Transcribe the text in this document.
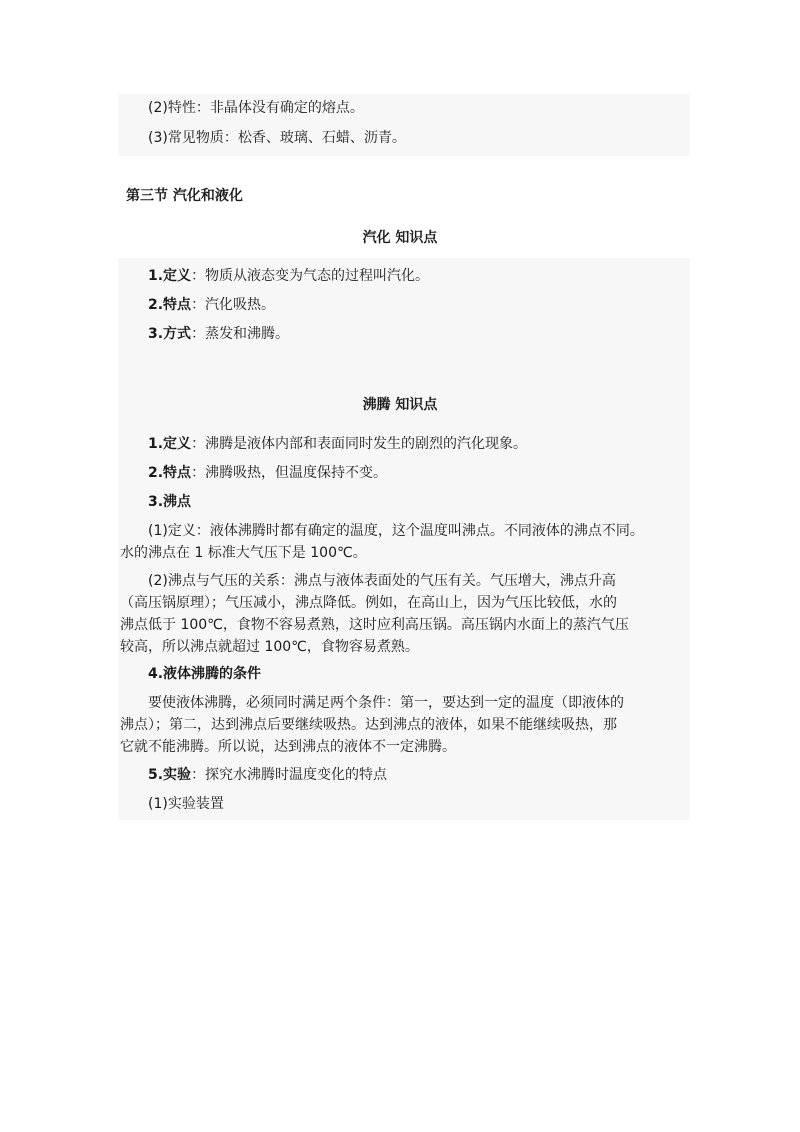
(2)特性：非晶体没有确定的熔点。

(3)常见物质：松香、玻璃、石蜡、沥青。

第三节 汽化和液化

汽化 知识点

1.定义：物质从液态变为气态的过程叫汽化。

2.特点：汽化吸热。

3.方式：蒸发和沸腾。

沸腾 知识点

1.定义：沸腾是液体内部和表面同时发生的剧烈的汽化现象。

2.特点：沸腾吸热，但温度保持不变。

3.沸点

(1)定义：液体沸腾时都有确定的温度，这个温度叫沸点。不同液体的沸点不同。

水的沸点在 1 标准大气压下是 100℃。

(2)沸点与气压的关系：沸点与液体表面处的气压有关。气压增大，沸点升高

（高压锅原理）；气压减小，沸点降低。例如，在高山上，因为气压比较低，水的

沸点低于 100℃，食物不容易煮熟，这时应利高压锅。高压锅内水面上的蒸汽气压

较高，所以沸点就超过 100℃，食物容易煮熟。

4.液体沸腾的条件

要使液体沸腾，必须同时满足两个条件：第一，要达到一定的温度（即液体的

沸点）；第二，达到沸点后要继续吸热。达到沸点的液体，如果不能继续吸热，那

它就不能沸腾。所以说，达到沸点的液体不一定沸腾。

5.实验：探究水沸腾时温度变化的特点

(1)实验装置
